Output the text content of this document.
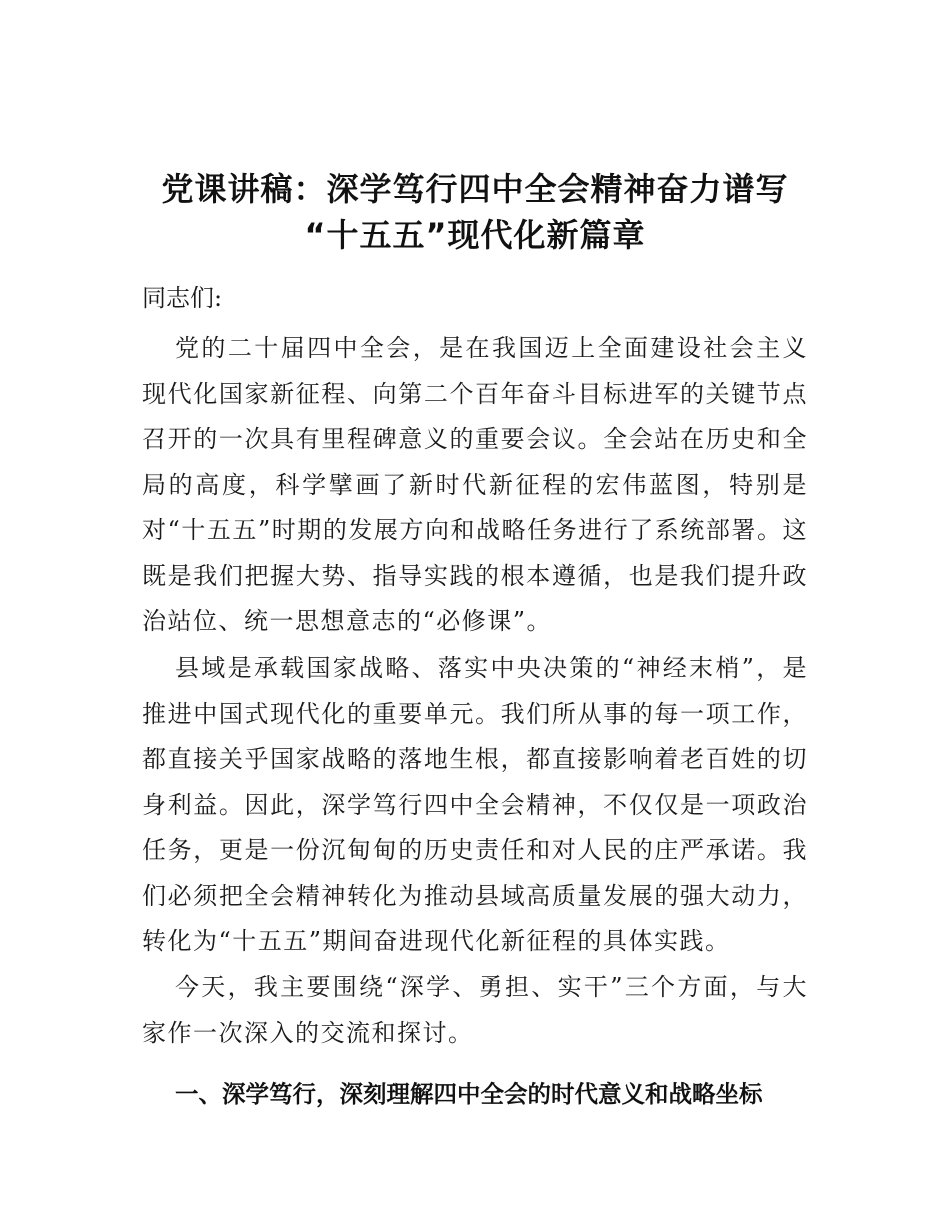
党课讲稿：深学笃行四中全会精神奋力谱写
“十五五”现代化新篇章
同志们:

党的二十届四中全会，是在我国迈上全面建设社会主义现代化国家新征程、向第二个百年奋斗目标进军的关键节点召开的一次具有里程碑意义的重要会议。全会站在历史和全局的高度，科学擘画了新时代新征程的宏伟蓝图，特别是对“十五五”时期的发展方向和战略任务进行了系统部署。这既是我们把握大势、指导实践的根本遵循，也是我们提升政治站位、统一思想意志的“必修课”。

县域是承载国家战略、落实中央决策的“神经末梢”，是推进中国式现代化的重要单元。我们所从事的每一项工作，都直接关乎国家战略的落地生根，都直接影响着老百姓的切身利益。因此，深学笃行四中全会精神，不仅仅是一项政治任务，更是一份沉甸甸的历史责任和对人民的庄严承诺。我们必须把全会精神转化为推动县域高质量发展的强大动力，转化为“十五五”期间奋进现代化新征程的具体实践。

今天，我主要围绕“深学、勇担、实干”三个方面，与大家作一次深入的交流和探讨。

一、深学笃行，深刻理解四中全会的时代意义和战略坐标
